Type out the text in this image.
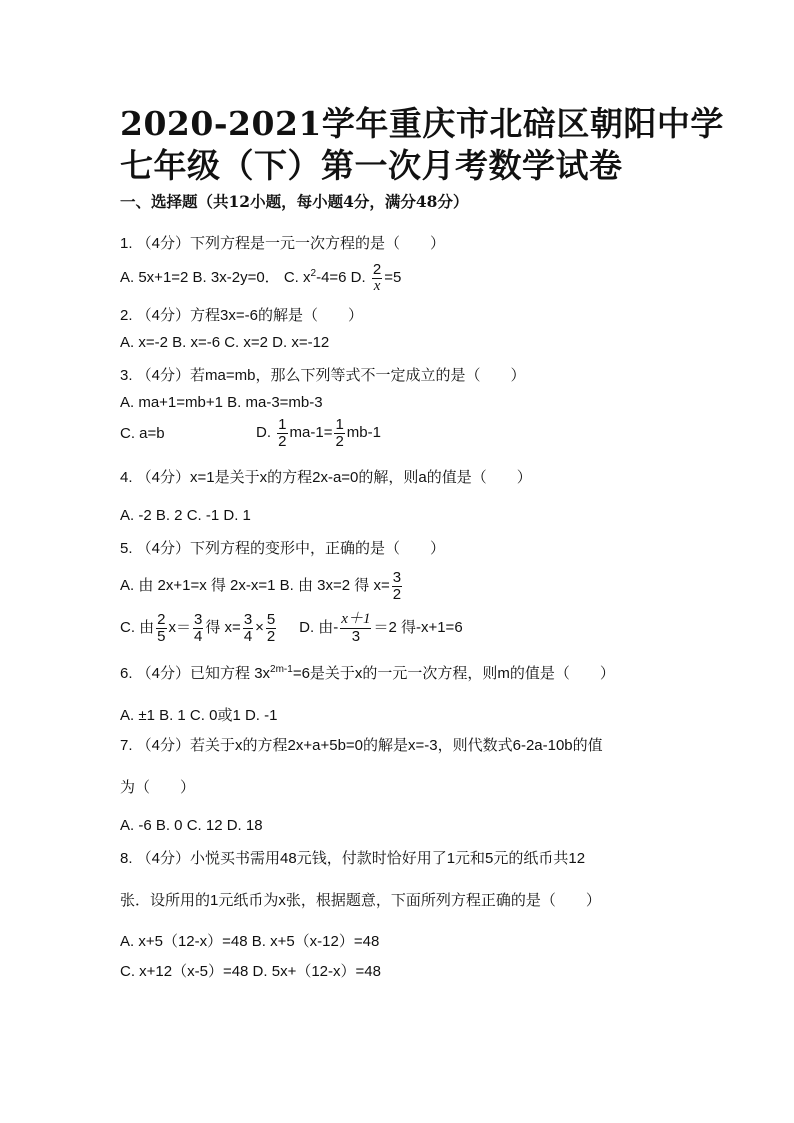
2020-2021学年重庆市北碚区朝阳中学
七年级（下）第一次月考数学试卷
一、选择题（共12小题，每小题4分，满分48分）
1. （4分）下列方程是一元一次方程的是（　　）
A. 5x+1=2 B. 3x-2y=0． C. $x^2-4=6$ D. $\frac{2}{x} =5$
2. （4分）方程3x=-6的解是（　　）
A. x=-2 B. x=-6 C. x=2 D. x=-12
3. （4分）若ma=mb，那么下列等式不一定成立的是（　　）
A. ma+1=mb+1 B. ma-3=mb-3
C. a=b	D. $\frac{1}{2} ma-1= \frac{1}{2} mb-1$
4. （4分）x=1是关于x的方程2x-a=0的解，则a的值是（　　）
A. -2 B. 2 C. -1 D. 1
5. （4分）下列方程的变形中，正确的是（　　）
A. 由 2x+1=x 得 2x-x=1 B. 由 3x=2 得 $x= \frac{3}{2}$
C. 由 $\frac{2}{5} x= \frac{3}{4}$ 得 $x= \frac{3}{4} \times \frac{5}{2} D$. 由- $\frac{x+1}{3} =2$ 得-x+1=6
6. （4分）已知方程 $3x^{2m-1}=6$是关于x的一元一次方程，则m的值是（　　）
A. ±1 B. 1 C. 0或1 D. -1
7. （4分）若关于x的方程2x+a+5b=0的解是x=-3，则代数式6-2a-10b的值
为（　　）
A. -6 B. 0 C. 12 D. 18
8. （4分）小悦买书需用48元钱，付款时恰好用了1元和5元的纸币共12
张．设所用的1元纸币为x张，根据题意，下面所列方程正确的是（　　）
A. x+5（12-x）=48 B. x+5（x-12）=48
C. x+12（x-5）=48 D. 5x+（12-x）=48
